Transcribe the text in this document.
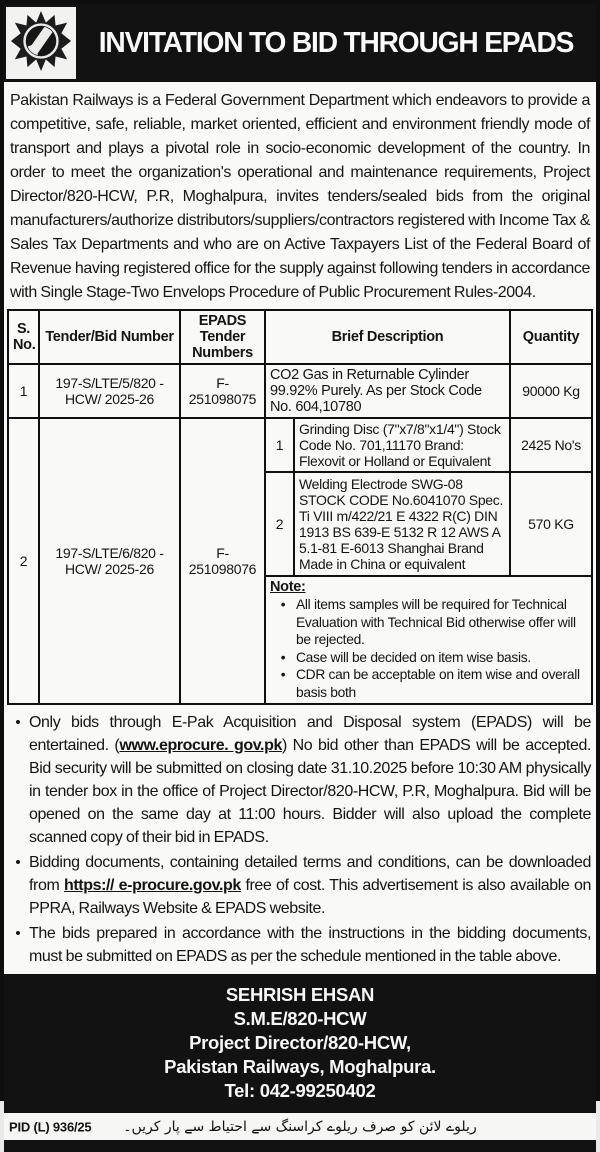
INVITATION TO BID THROUGH EPADS
Pakistan Railways is a Federal Government Department which endeavors to provide a competitive, safe, reliable, market oriented, efficient and environment friendly mode of transport and plays a pivotal role in socio-economic development of the country. In order to meet the organization's operational and maintenance requirements, Project Director/820-HCW, P.R, Moghalpura, invites tenders/sealed bids from the original manufacturers/authorize distributors/suppliers/contractors registered with Income Tax & Sales Tax Departments and who are on Active Taxpayers List of the Federal Board of Revenue having registered office for the supply against following tenders in accordance with Single Stage-Two Envelops Procedure of Public Procurement Rules-2004.
S. No.	Tender/Bid Number	EPADS Tender Numbers	Brief Description		Quantity
1	197-S/LTE/5/820 -HCW/ 2025-26	F-251098075	CO2 Gas in Returnable Cylinder 99.92% Purely. As per Stock Code No. 604,10780		90000 Kg
2	197-S/LTE/6/820 -HCW/ 2025-26	F-251098076	1	Grinding Disc (7"x7/8"x1/4") Stock Code No. 701,11170 Brand: Flexovit or Holland or Equivalent	2425 No's
			2	Welding Electrode SWG-08 STOCK CODE No.6041070 Spec. Ti VIII m/422/21 E 4322 R(C) DIN 1913 BS 639-E 5132 R 12 AWS A 5.1-81 E-6013 Shanghai Brand Made in China or equivalent	570 KG

Note:
• All items samples will be required for Technical Evaluation with Technical Bid otherwise offer will be rejected.
• Case will be decided on item wise basis.
• CDR can be acceptable on item wise and overall basis both
• Only bids through E-Pak Acquisition and Disposal system (EPADS) will be entertained. (www.eprocure. gov.pk) No bid other than EPADS will be accepted. Bid security will be submitted on closing date 31.10.2025 before 10:30 AM physically in tender box in the office of Project Director/820-HCW, P.R, Moghalpura. Bid will be opened on the same day at 11:00 hours. Bidder will also upload the complete scanned copy of their bid in EPADS.
• Bidding documents, containing detailed terms and conditions, can be downloaded from https:// e-procure.gov.pk free of cost. This advertisement is also available on PPRA, Railways Website & EPADS website.
• The bids prepared in accordance with the instructions in the bidding documents, must be submitted on EPADS as per the schedule mentioned in the table above.
SEHRISH EHSAN
S.M.E/820-HCW
Project Director/820-HCW,
Pakistan Railways, Moghalpura.
Tel: 042-99250402
PID (L) 936/25 ریلوے لائن کو صرف ریلوے کراسنگ سے احتیاط سے پار کریں۔
